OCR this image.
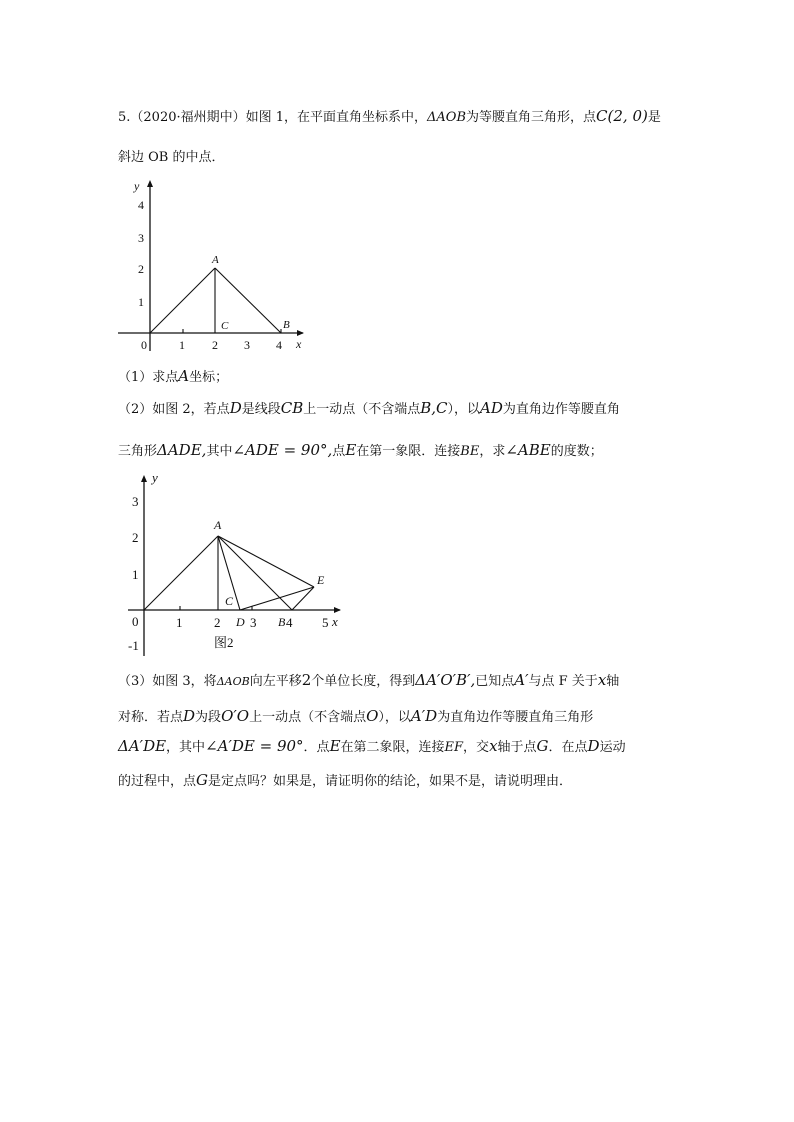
5.（2020·福州期中）如图 1，在平面直角坐标系中，ΔAOB为等腰直角三角形，点C(2, 0)是
斜边 OB 的中点．
y
x
0	1 2 3 4
1
2
3
4
A
C	B
（1）求点A坐标；
（2）如图 2，若点D是线段CB上一动点（不含端点B,C），以AD为直角边作等腰直角
三角形ΔADE,其中∠ADE = 90°,点E在第一象限．连接BE，求∠ABE的度数；
y
x
0	1 2 3 4 5
-1
1
2
3
A
C
D	B
E
图2
（3）如图 3，将ΔAOB向左平移2个单位长度，得到ΔA′O′B′,已知点A′与点 F 关于x轴
对称．若点D为段O′O上一动点（不含端点O），以A′D为直角边作等腰直角三角形
ΔA′DE，其中∠A′DE = 90°．点E在第二象限，连接EF，交x轴于点G．在点D运动
的过程中，点G是定点吗？如果是，请证明你的结论，如果不是，请说明理由．
